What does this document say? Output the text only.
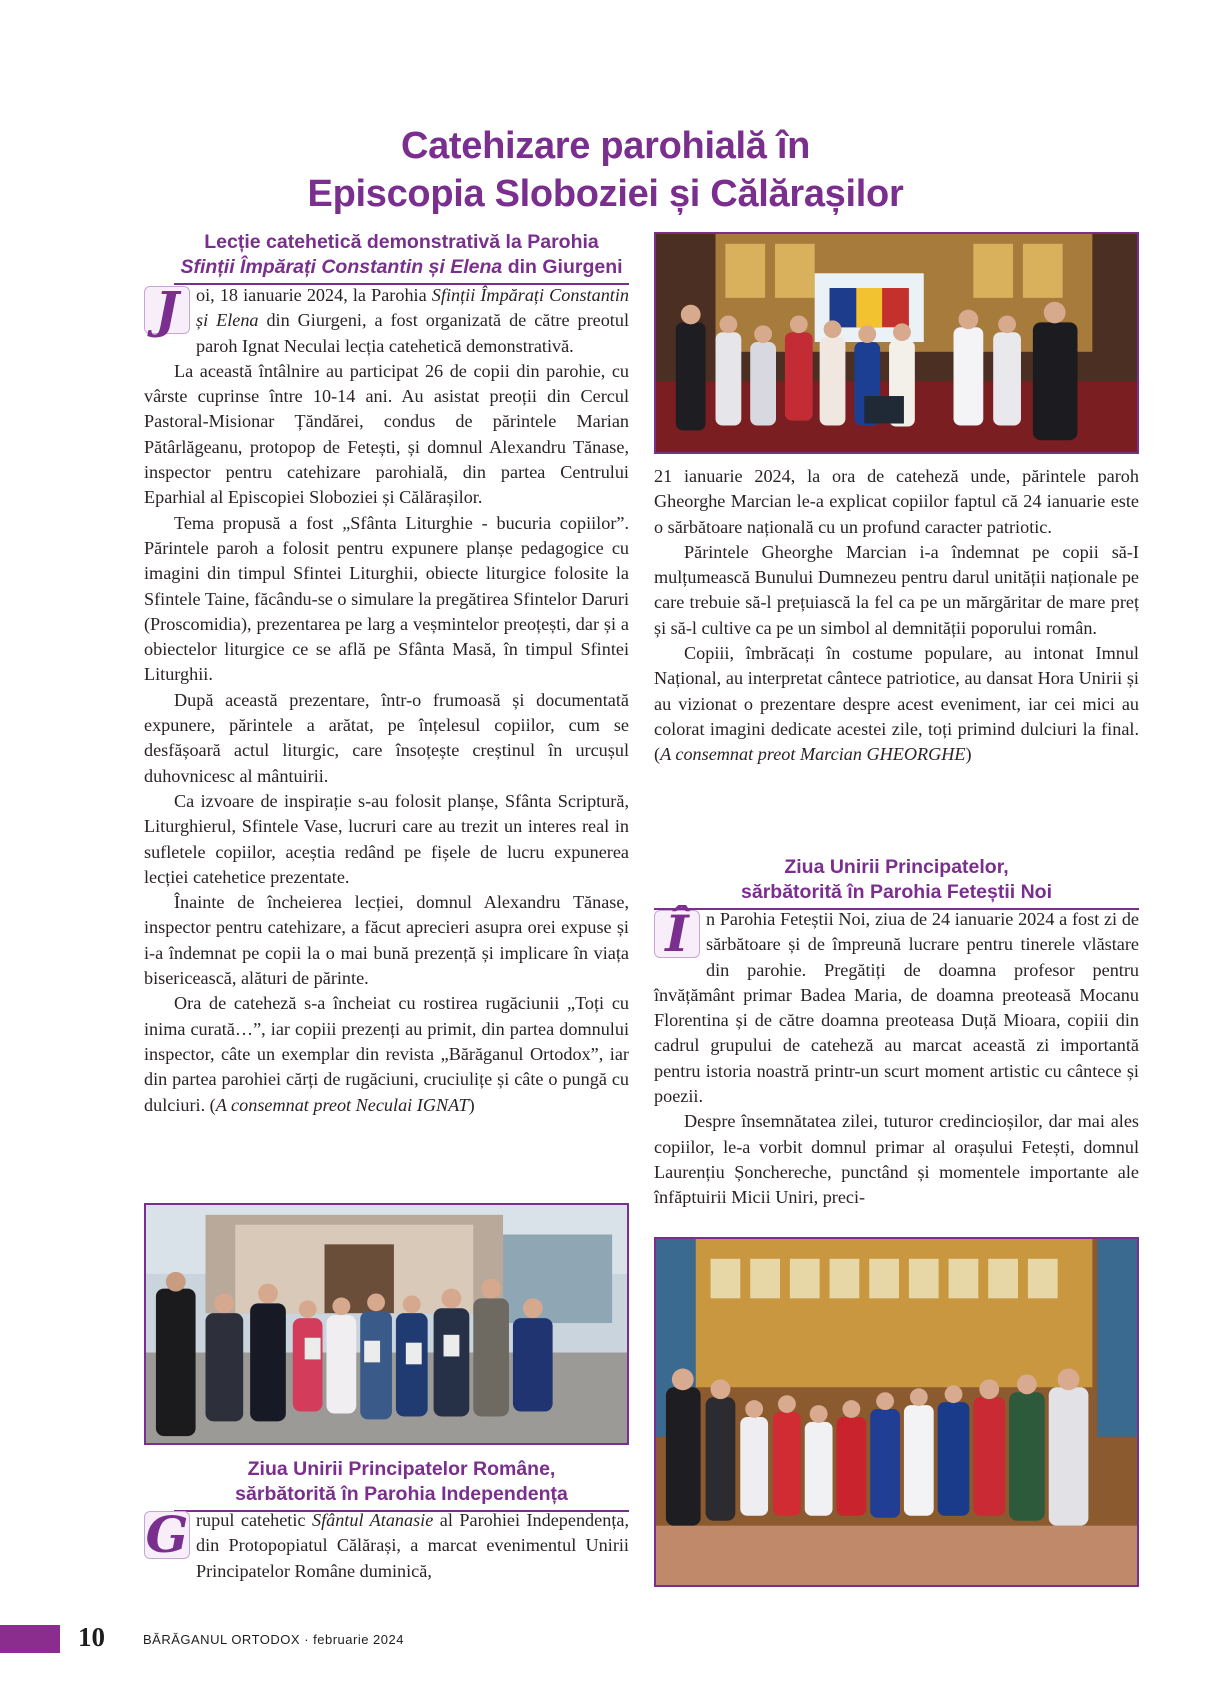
Catehizare parohială în
Episcopia Sloboziei și Călărașilor
Lecție catehetică demonstrativă la Parohia
Sfinții Împărați Constantin și Elena din Giurgeni

J oi, 18 ianuarie 2024, la Parohia Sfinții Împărați Constantin și Elena din Giurgeni, a fost organizată de către preotul paroh Ignat Neculai lecția catehetică demonstrativă.

La această întâlnire au participat 26 de copii din parohie, cu vârste cuprinse între 10-14 ani. Au asistat preoții din Cercul Pastoral-Misionar Țăndărei, condus de părintele Marian Pătârlăgeanu, protopop de Fetești, și domnul Alexandru Tănase, inspector pentru catehizare parohială, din partea Centrului Eparhial al Episcopiei Sloboziei și Călărașilor.

Tema propusă a fost „Sfânta Liturghie - bucuria copiilor”. Părintele paroh a folosit pentru expunere planșe pedagogice cu imagini din timpul Sfintei Liturghii, obiecte liturgice folosite la Sfintele Taine, făcându-se o simulare la pregătirea Sfintelor Daruri (Proscomidia), prezentarea pe larg a veșmintelor preoțești, dar și a obiectelor liturgice ce se află pe Sfânta Masă, în timpul Sfintei Liturghii.

După această prezentare, într-o frumoasă și documentată expunere, părintele a arătat, pe înțelesul copiilor, cum se desfășoară actul liturgic, care însoțește creștinul în urcușul duhovnicesc al mântuirii.

Ca izvoare de inspirație s-au folosit planșe, Sfânta Scriptură, Liturghierul, Sfintele Vase, lucruri care au trezit un interes real in sufletele copiilor, aceștia redând pe fișele de lucru expunerea lecției catehetice prezentate.

Înainte de încheierea lecției, domnul Alexandru Tănase, inspector pentru catehizare, a făcut aprecieri asupra orei expuse și i-a îndemnat pe copii la o mai bună prezență și implicare în viața bisericească, alături de părinte.

Ora de cateheză s-a încheiat cu rostirea rugăciunii „Toți cu inima curată…”, iar copiii prezenți au primit, din partea domnului inspector, câte un exemplar din revista „Bărăganul Ortodox”, iar din partea parohiei cărți de rugăciuni, cruciulițe și câte o pungă cu dulciuri. (A consemnat preot Neculai IGNAT)

Ziua Unirii Principatelor Române,
sărbătorită în Parohia Independența

G rupul catehetic Sfântul Atanasie al Parohiei Independența, din Protopopiatul Călărași, a marcat evenimentul Unirii Principatelor Române duminică,

21 ianuarie 2024, la ora de cateheză unde, părintele paroh Gheorghe Marcian le-a explicat copiilor faptul că 24 ianuarie este o sărbătoare națională cu un profund caracter patriotic.

Părintele Gheorghe Marcian i-a îndemnat pe copii să-I mulțumească Bunului Dumnezeu pentru darul unității naționale pe care trebuie să-l prețuiască la fel ca pe un mărgăritar de mare preț și să-l cultive ca pe un simbol al demnității poporului român.

Copiii, îmbrăcați în costume populare, au intonat Imnul Național, au interpretat cântece patriotice, au dansat Hora Unirii și au vizionat o prezentare despre acest eveniment, iar cei mici au colorat imagini dedicate acestei zile, toți primind dulciuri la final. (A consemnat preot Marcian GHEORGHE)

Ziua Unirii Principatelor,
sărbătorită în Parohia Feteștii Noi

Î n Parohia Feteștii Noi, ziua de 24 ianuarie 2024 a fost zi de sărbătoare și de împreună lucrare pentru tinerele vlăstare din parohie. Pregătiți de doamna profesor pentru învățământ primar Badea Maria, de doamna preoteasă Mocanu Florentina și de către doamna preoteasa Duță Mioara, copiii din cadrul grupului de cateheză au marcat această zi importantă pentru istoria noastră printr-un scurt moment artistic cu cântece și poezii.

Despre însemnătatea zilei, tuturor credincioșilor, dar mai ales copiilor, le-a vorbit domnul primar al orașului Fetești, domnul Laurențiu Șonchereche, punctând și momentele importante ale înfăptuirii Micii Uniri, preci-

10	BĂRĂGANUL ORTODOX · februarie 2024
